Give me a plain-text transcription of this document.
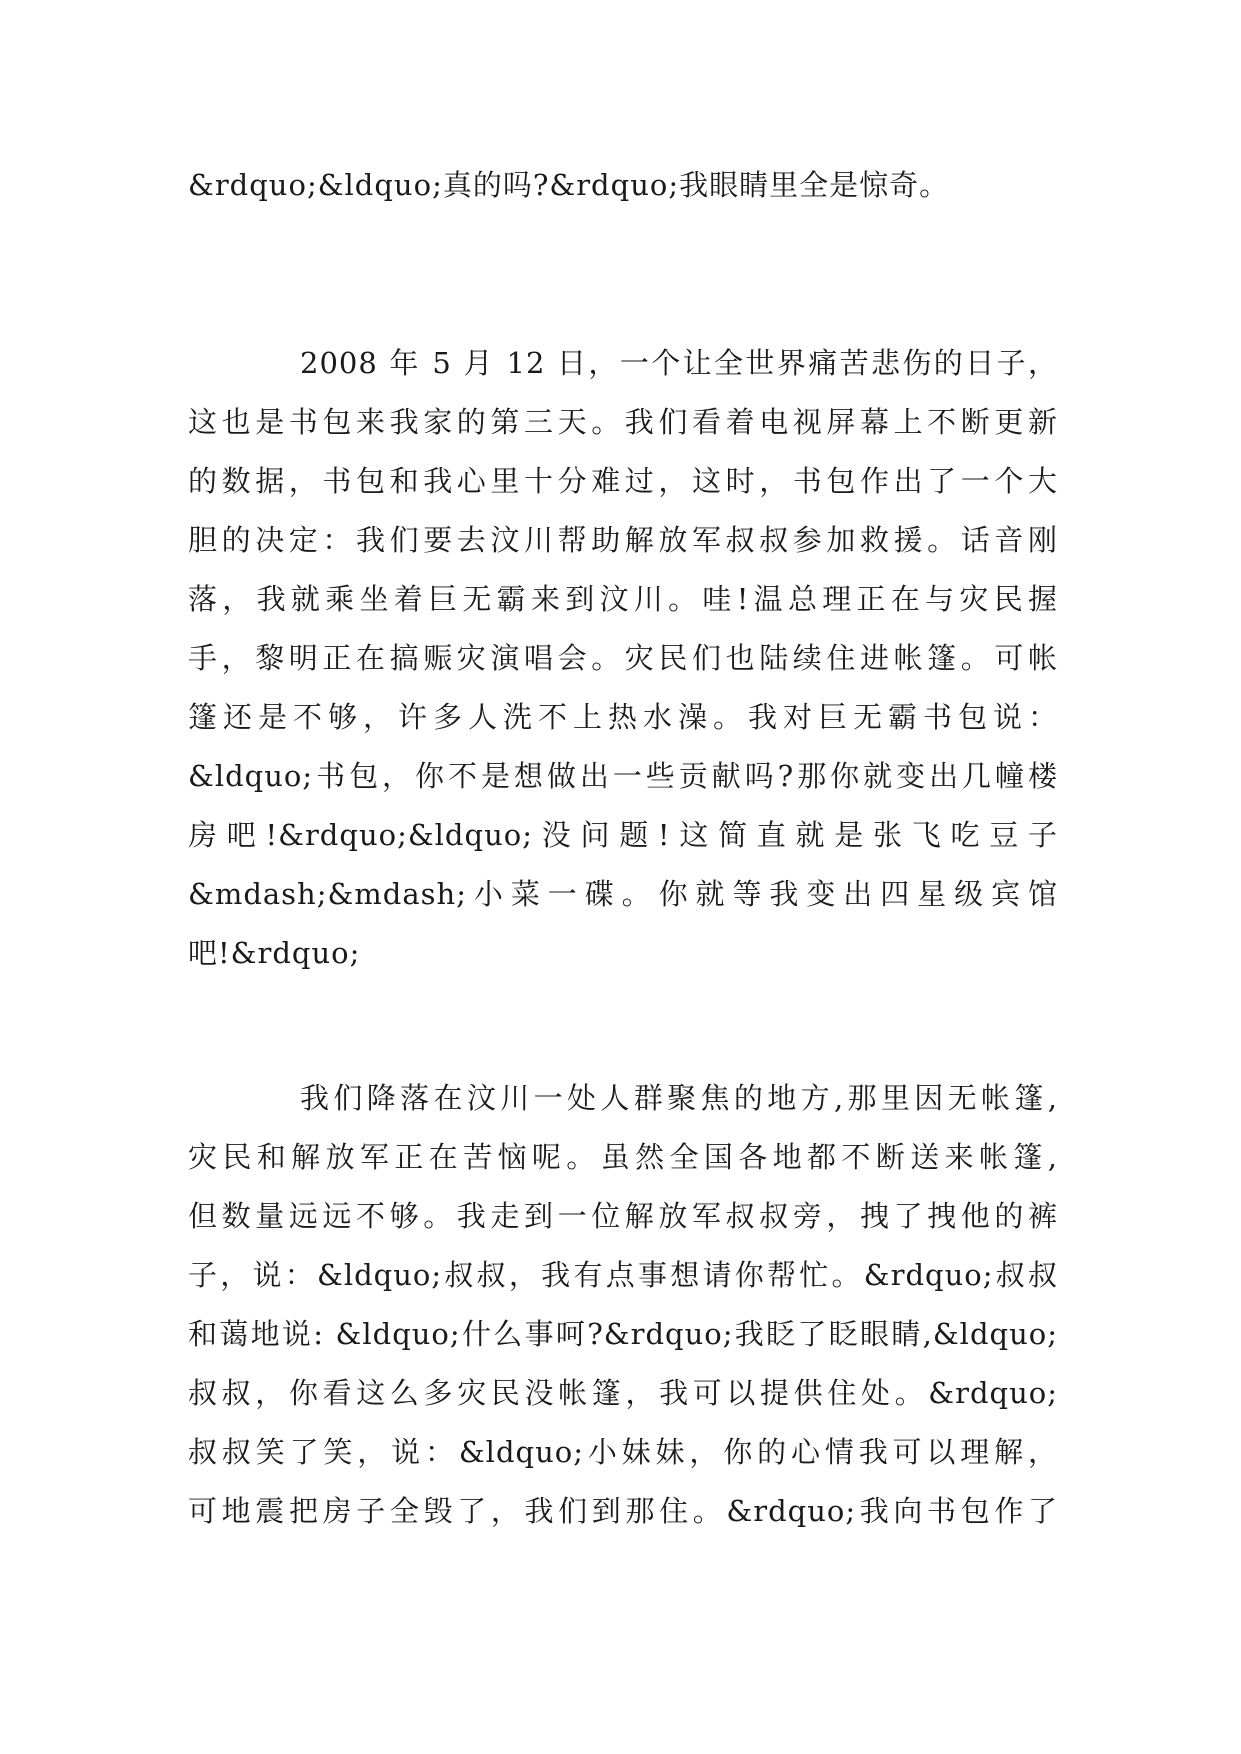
&rdquo;&ldquo;真的吗?&rdquo;我眼睛里全是惊奇。
2008 年 5 月 12 日，一个让全世界痛苦悲伤的日子，
这也是书包来我家的第三天。我们看着电视屏幕上不断更新
的数据，书包和我心里十分难过，这时，书包作出了一个大
胆的决定：我们要去汶川帮助解放军叔叔参加救援。话音刚
落，我就乘坐着巨无霸来到汶川。哇!温总理正在与灾民握
手，黎明正在搞赈灾演唱会。灾民们也陆续住进帐篷。可帐
篷还是不够，许多人洗不上热水澡。我对巨无霸书包说：
&ldquo;书包，你不是想做出一些贡献吗?那你就变出几幢楼
房吧!&rdquo;&ldquo;没问题!这简直就是张飞吃豆子
&mdash;&mdash;小菜一碟。你就等我变出四星级宾馆
吧!&rdquo;
我们降落在汶川一处人群聚焦的地方,那里因无帐篷,
灾民和解放军正在苦恼呢。虽然全国各地都不断送来帐篷,
但数量远远不够。我走到一位解放军叔叔旁，拽了拽他的裤
子，说：&ldquo;叔叔，我有点事想请你帮忙。&rdquo;叔叔
和蔼地说: &ldquo;什么事呵?&rdquo;我眨了眨眼睛,&ldquo;
叔叔，你看这么多灾民没帐篷，我可以提供住处。&rdquo;
叔叔笑了笑，说：&ldquo;小妹妹，你的心情我可以理解，
可地震把房子全毁了，我们到那住。&rdquo;我向书包作了
